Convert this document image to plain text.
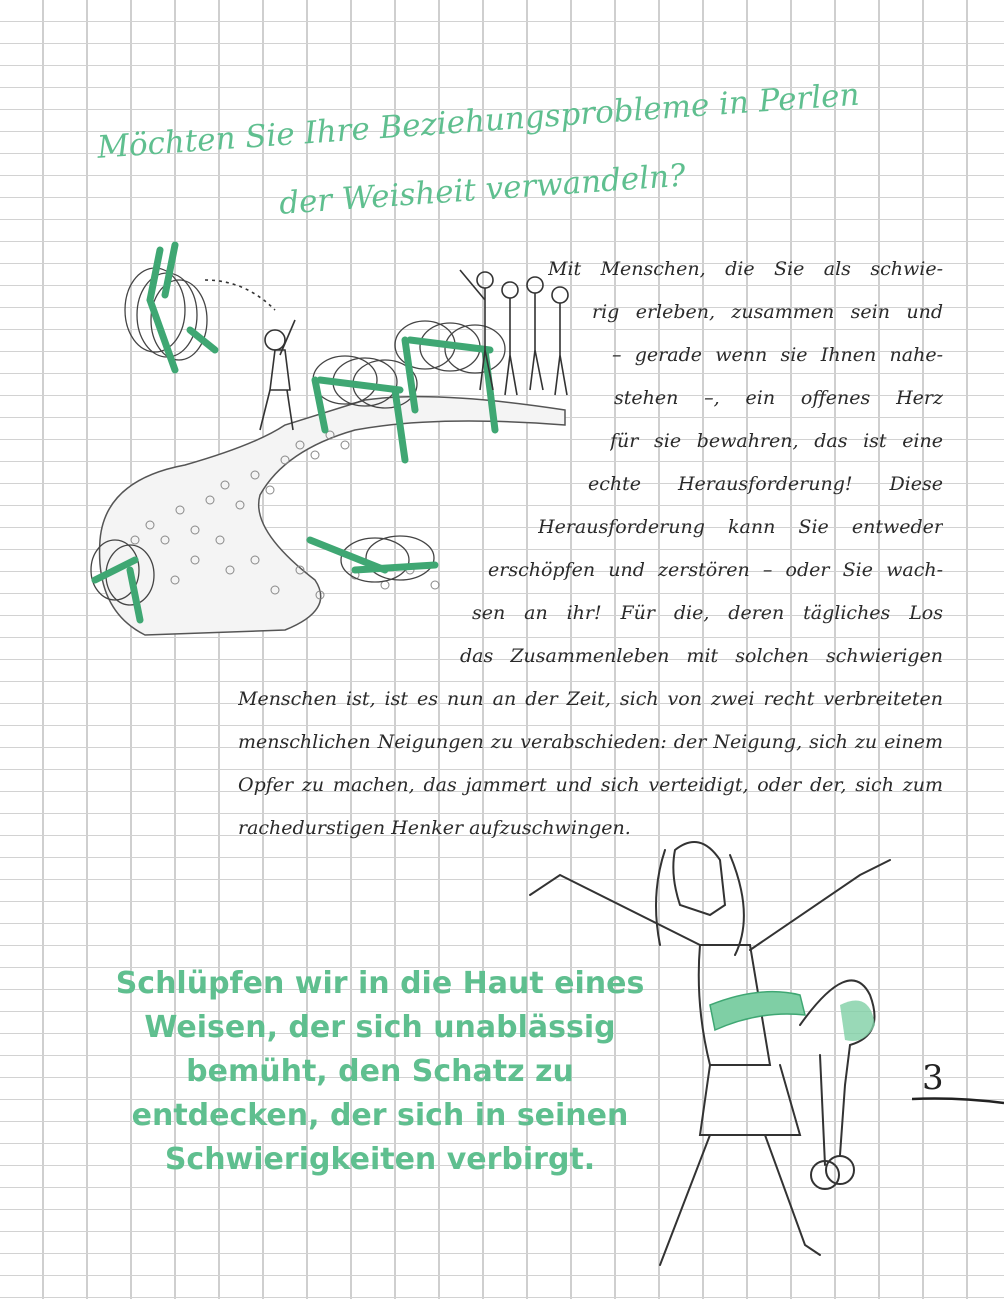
Möchten Sie Ihre Beziehungsprobleme in Perlen
der Weisheit verwandeln?

Mit Menschen, die Sie als schwie-

rig erleben, zusammen sein und

– gerade wenn sie Ihnen nahe-

stehen –, ein offenes Herz

für sie bewahren, das ist eine

echte Herausforderung! Diese

Herausforderung kann Sie entweder

erschöpfen und zerstören – oder Sie wach-

sen an ihr! Für die, deren tägliches Los

das Zusammenleben mit solchen schwierigen

Menschen ist, ist es nun an der Zeit, sich von zwei recht verbreiteten

menschlichen Neigungen zu verabschieden: der Neigung, sich zu einem

Opfer zu machen, das jammert und sich verteidigt, oder der, sich zum

rachedurstigen Henker aufzuschwingen.

Schlüpfen wir in die Haut eines
Weisen, der sich unablässig
bemüht, den Schatz zu
entdecken, der sich in seinen
Schwierigkeiten verbirgt.
3
